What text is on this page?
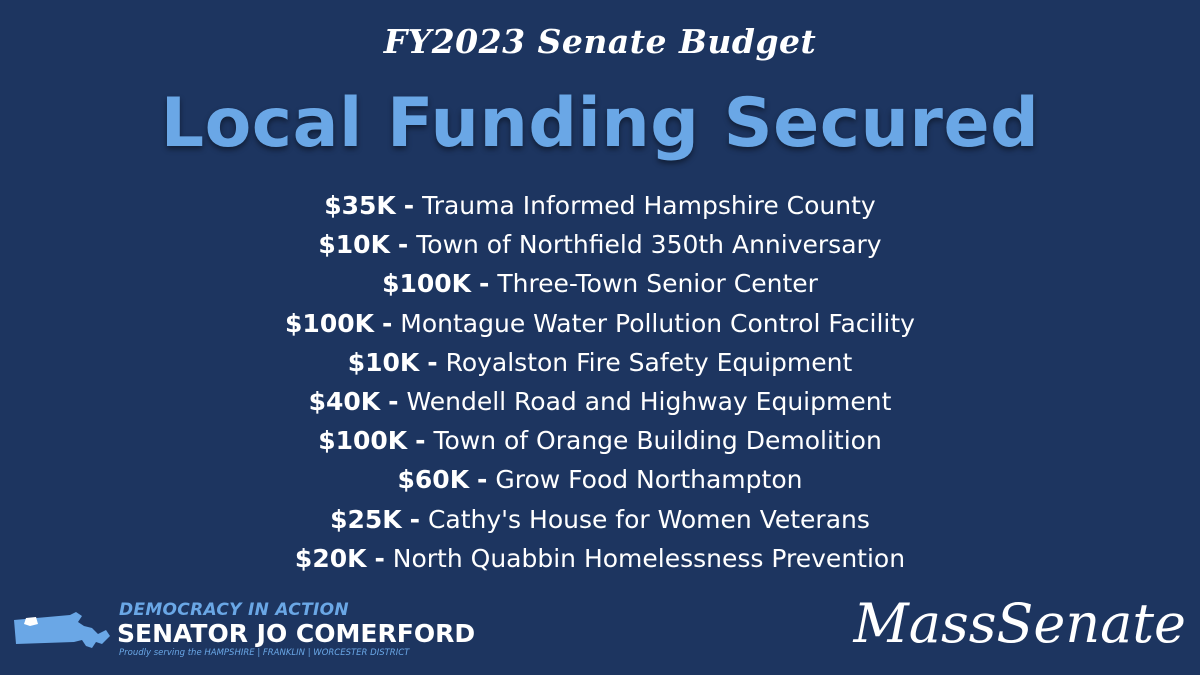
FY2023 Senate Budget
Local Funding Secured
$35K - Trauma Informed Hampshire County
$10K - Town of Northfield 350th Anniversary
$100K - Three-Town Senior Center
$100K - Montague Water Pollution Control Facility
$10K - Royalston Fire Safety Equipment
$40K - Wendell Road and Highway Equipment
$100K - Town of Orange Building Demolition
$60K - Grow Food Northampton
$25K - Cathy's House for Women Veterans
$20K - North Quabbin Homelessness Prevention
DEMOCRACY IN ACTION
SENATOR JO COMERFORD
Proudly serving the HAMPSHIRE | FRANKLIN | WORCESTER DISTRICT	MassSenate
